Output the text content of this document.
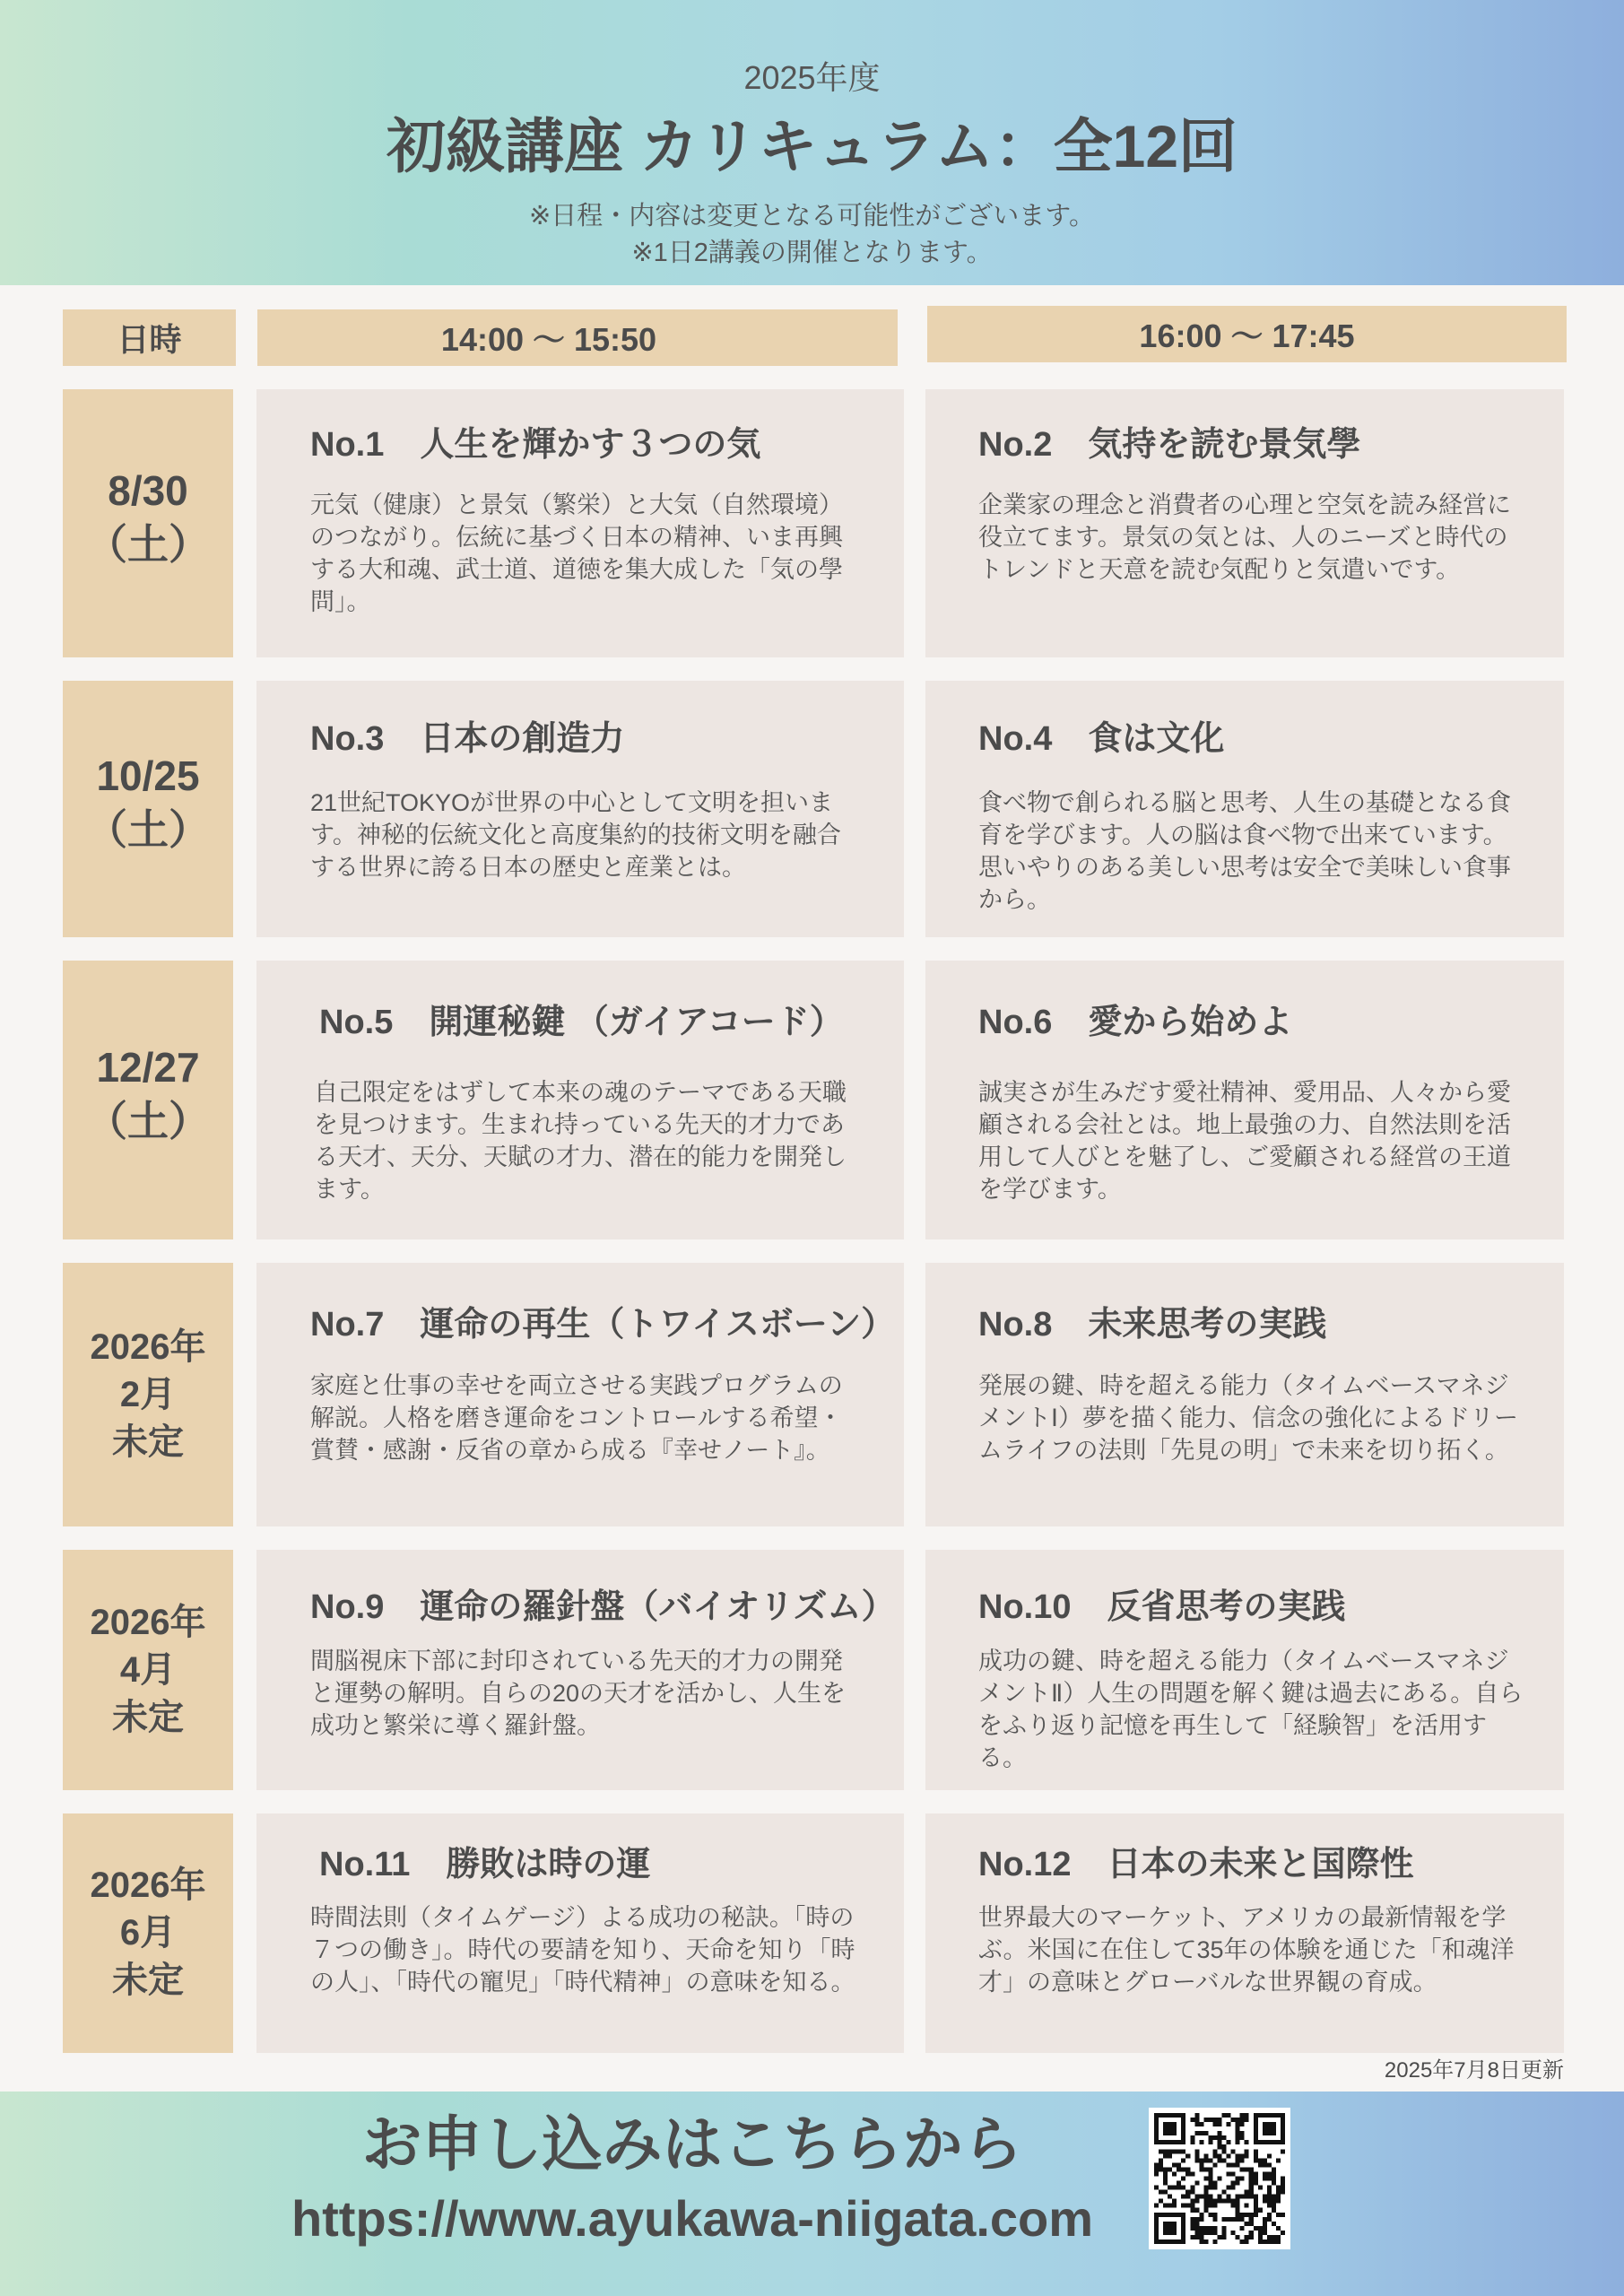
2025年度
初級講座 カリキュラム：全12回
※日程・内容は変更となる可能性がございます。
※1日2講義の開催となります。
日時	14:00 〜 15:50	16:00 〜 17:45
8/30
（土）
No.1 人生を輝かす３つの気

元気（健康）と景気（繁栄）と大気（自然環境）のつながり。伝統に基づく日本の精神、いま再興する大和魂、武士道、道徳を集大成した「気の學問」。

No.2 気持を読む景気學

企業家の理念と消費者の心理と空気を読み経営に役立てます。景気の気とは、人のニーズと時代のトレンドと天意を読む気配りと気遣いです。

10/25
（土）
No.3 日本の創造力

21世紀TOKYOが世界の中心として文明を担います。神秘的伝統文化と高度集約的技術文明を融合する世界に誇る日本の歴史と産業とは。

No.4 食は文化

食べ物で創られる脳と思考、人生の基礎となる食育を学びます。人の脳は食べ物で出来ています。思いやりのある美しい思考は安全で美味しい食事から。

12/27
（土）
No.5 開運秘鍵 （ガイアコード）

自己限定をはずして本来の魂のテーマである天職を見つけます。生まれ持っている先天的才力である天才、天分、天賦の才力、潜在的能力を開発します。

No.6 愛から始めよ

誠実さが生みだす愛社精神、愛用品、人々から愛顧される会社とは。地上最強の力、自然法則を活用して人びとを魅了し、ご愛顧される経営の王道を学びます。

2026年
2月
未定
No.7 運命の再生（トワイスボーン）

家庭と仕事の幸せを両立させる実践プログラムの解説。人格を磨き運命をコントロールする希望・賞賛・感謝・反省の章から成る『幸せノート』。

No.8 未来思考の実践

発展の鍵、時を超える能力（タイムベースマネジメントⅠ）夢を描く能力、信念の強化によるドリームライフの法則「先見の明」で未来を切り拓く。

2026年
4月
未定
No.9 運命の羅針盤（バイオリズム）

間脳視床下部に封印されている先天的才力の開発と運勢の解明。自らの20の天才を活かし、人生を成功と繁栄に導く羅針盤。

No.10 反省思考の実践

成功の鍵、時を超える能力（タイムベースマネジメントⅡ）人生の問題を解く鍵は過去にある。自らをふり返り記憶を再生して「経験智」を活用する。

2026年
6月
未定
No.11 勝敗は時の運

時間法則（タイムゲージ）よる成功の秘訣。「時の７つの働き」。時代の要請を知り、天命を知り「時の人」、「時代の寵児」「時代精神」の意味を知る。

No.12 日本の未来と国際性

世界最大のマーケット、アメリカの最新情報を学ぶ。米国に在住して35年の体験を通じた「和魂洋才」の意味とグローバルな世界観の育成。

2025年7月8日更新
お申し込みはこちらから
https://www.ayukawa-niigata.com
